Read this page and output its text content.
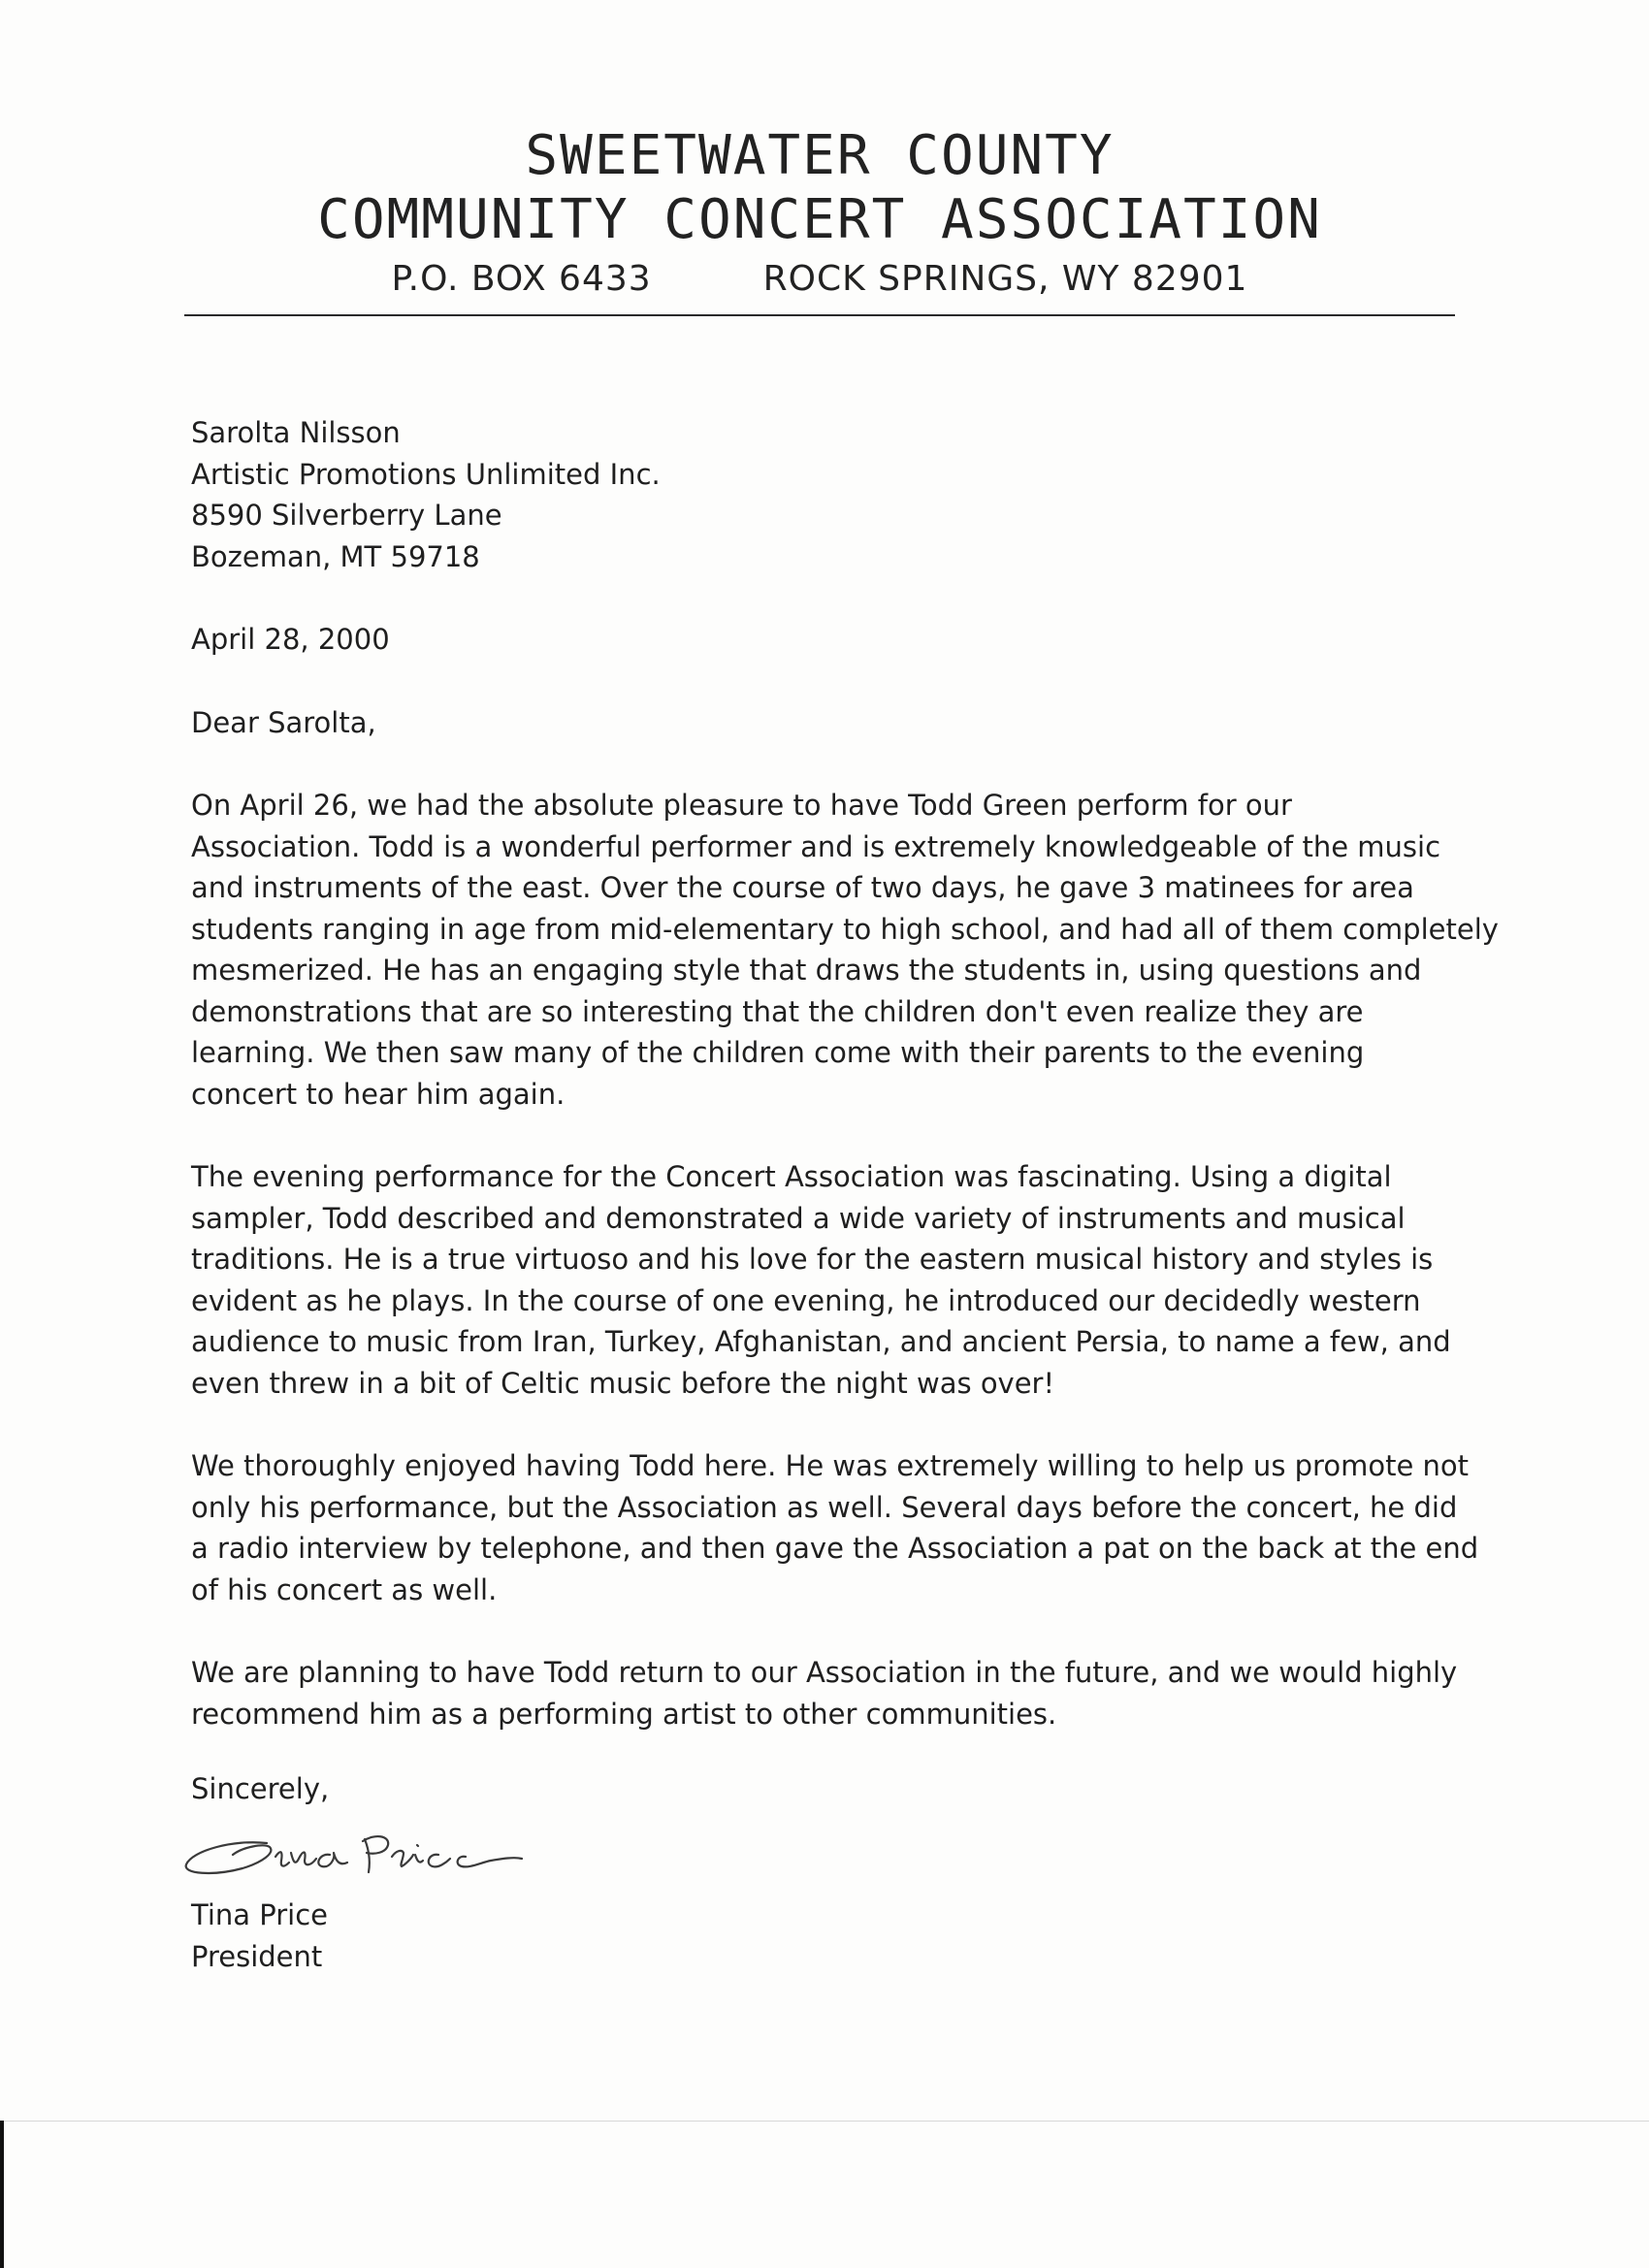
SWEETWATER COUNTY
COMMUNITY CONCERT ASSOCIATION
P.O. BOX 6433	ROCK SPRINGS, WY 82901
Sarolta Nilsson
Artistic Promotions Unlimited Inc.
8590 Silverberry Lane
Bozeman, MT 59718
April 28, 2000
Dear Sarolta,
On April 26, we had the absolute pleasure to have Todd Green perform for our
Association. Todd is a wonderful performer and is extremely knowledgeable of the music
and instruments of the east. Over the course of two days, he gave 3 matinees for area
students ranging in age from mid-elementary to high school, and had all of them completely
mesmerized. He has an engaging style that draws the students in, using questions and
demonstrations that are so interesting that the children don't even realize they are
learning. We then saw many of the children come with their parents to the evening
concert to hear him again.
The evening performance for the Concert Association was fascinating. Using a digital
sampler, Todd described and demonstrated a wide variety of instruments and musical
traditions. He is a true virtuoso and his love for the eastern musical history and styles is
evident as he plays. In the course of one evening, he introduced our decidedly western
audience to music from Iran, Turkey, Afghanistan, and ancient Persia, to name a few, and
even threw in a bit of Celtic music before the night was over!
We thoroughly enjoyed having Todd here. He was extremely willing to help us promote not
only his performance, but the Association as well. Several days before the concert, he did
a radio interview by telephone, and then gave the Association a pat on the back at the end
of his concert as well.
We are planning to have Todd return to our Association in the future, and we would highly
recommend him as a performing artist to other communities.
Sincerely,
Tina Price
President
